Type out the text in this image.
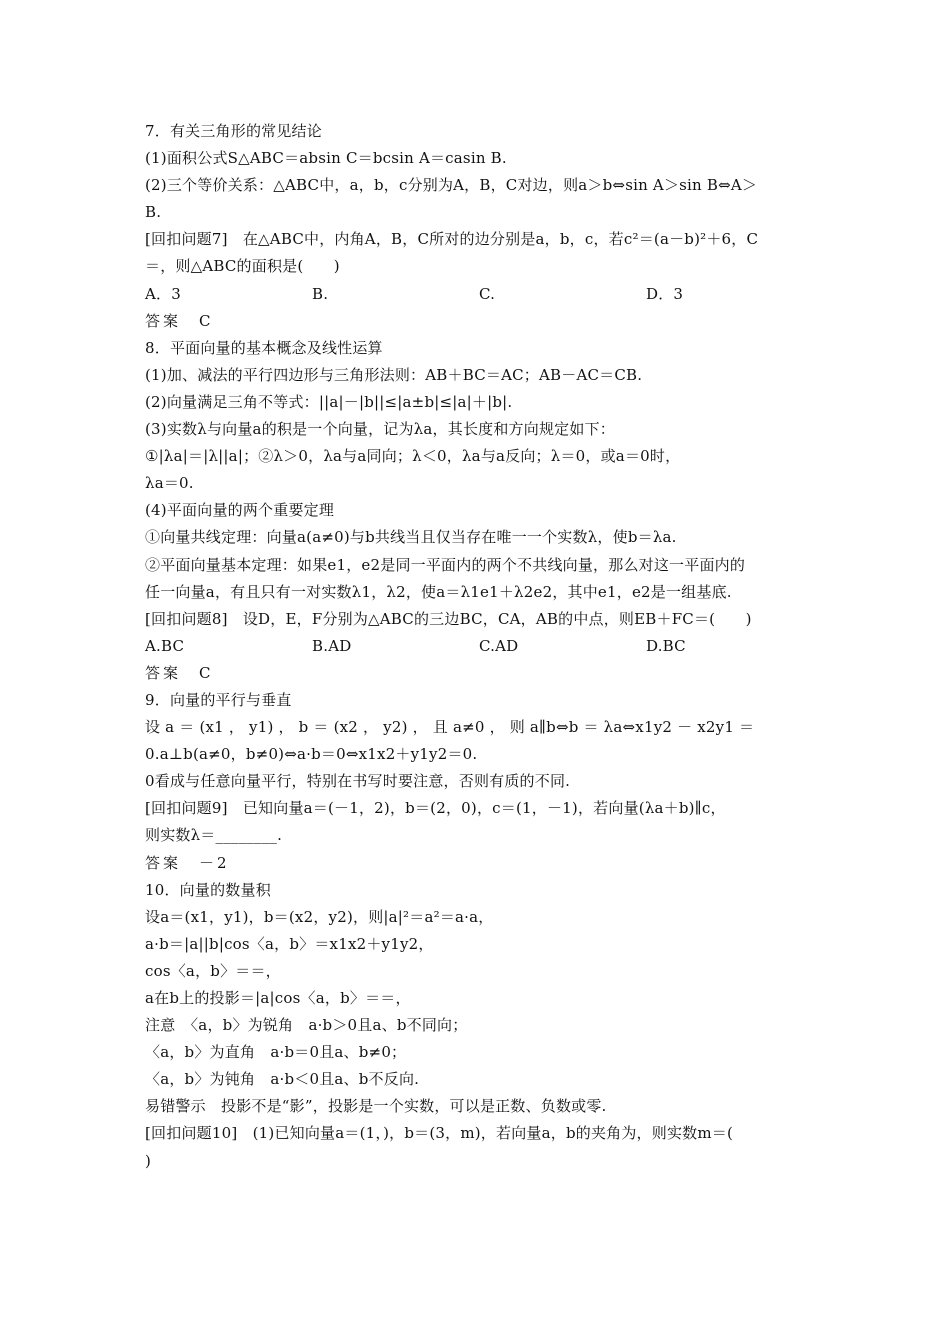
7．有关三角形的常见结论
(1)面积公式S△ABC＝absin C＝bcsin A＝casin B.
(2)三个等价关系：△ABC中，a，b，c分别为A，B，C对边，则a＞b⇔sin A＞sin B⇔A＞
B.
[回扣问题7]　在△ABC中，内角A，B，C所对的边分别是a，b，c，若c²＝(a－b)²＋6，C
＝，则△ABC的面积是(　　)
A．3	B.	C.	D．3
答案　C
8．平面向量的基本概念及线性运算
(1)加、减法的平行四边形与三角形法则：AB＋BC＝AC；AB－AC＝CB.
(2)向量满足三角不等式：||a|－|b||≤|a±b|≤|a|＋|b|.
(3)实数λ与向量a的积是一个向量，记为λa，其长度和方向规定如下：
①|λa|＝|λ||a|；②λ＞0，λa与a同向；λ＜0，λa与a反向；λ＝0，或a＝0时，
λa＝0.
(4)平面向量的两个重要定理
①向量共线定理：向量a(a≠0)与b共线当且仅当存在唯一一个实数λ，使b＝λa.
②平面向量基本定理：如果e1，e2是同一平面内的两个不共线向量，那么对这一平面内的
任一向量a，有且只有一对实数λ1，λ2，使a＝λ1e1＋λ2e2，其中e1，e2是一组基底.
[回扣问题8]　设D，E，F分别为△ABC的三边BC，CA，AB的中点，则EB＋FC＝(　　)
A.BC	B.AD	C.AD	D.BC
答案　C
9．向量的平行与垂直
设 a ＝ (x1 ， y1) ， b ＝ (x2 ， y2) ， 且 a≠0 ， 则 a∥b⇔b ＝ λa⇔x1y2 － x2y1 ＝
0.a⊥b(a≠0，b≠0)⇔a·b＝0⇔x1x2＋y1y2＝0.
0看成与任意向量平行，特别在书写时要注意，否则有质的不同.
[回扣问题9]　已知向量a＝(－1，2)，b＝(2，0)，c＝(1，－1)，若向量(λa＋b)∥c，
则实数λ＝________.
答案　－2
10．向量的数量积
设a＝(x1，y1)，b＝(x2，y2)，则|a|²＝a²＝a·a，
a·b＝|a||b|cos〈a，b〉＝x1x2＋y1y2，
cos〈a，b〉＝＝，
a在b上的投影＝|a|cos〈a，b〉＝＝，
注意　〈a，b〉为锐角　a·b＞0且a、b不同向；
〈a，b〉为直角　a·b＝0且a、b≠0；
〈a，b〉为钝角　a·b＜0且a、b不反向.
易错警示　投影不是“影”，投影是一个实数，可以是正数、负数或零.
[回扣问题10]　(1)已知向量a＝(1，)，b＝(3，m)，若向量a，b的夹角为，则实数m＝(
)
